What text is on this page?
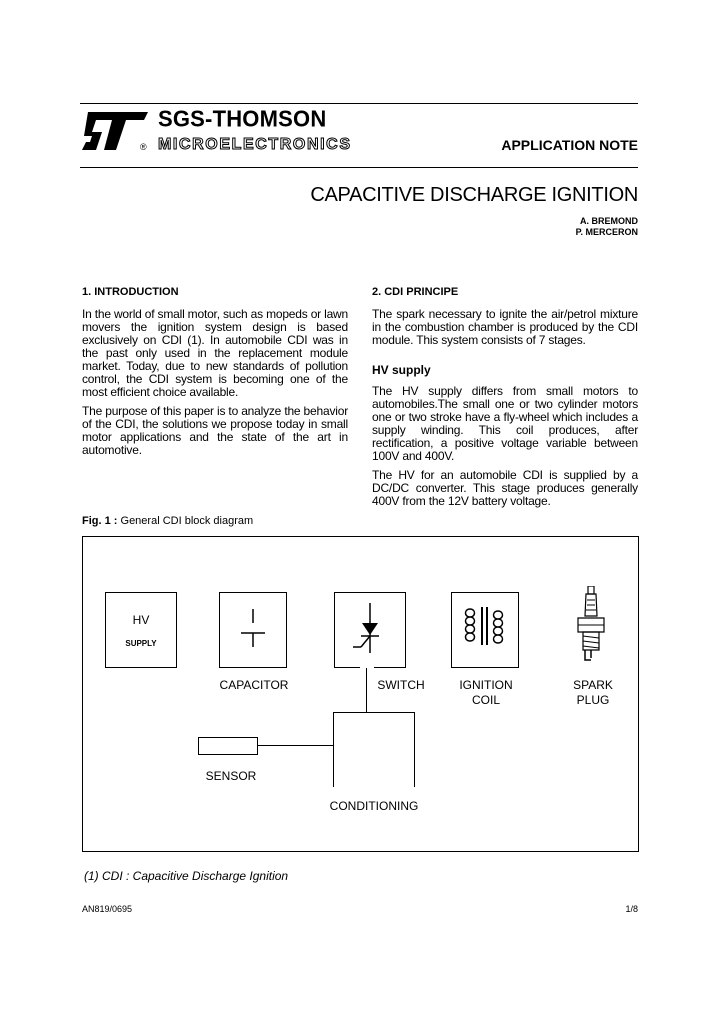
®
SGS-THOMSON
MICROELECTRONICS	APPLICATION NOTE
CAPACITIVE DISCHARGE IGNITION
A. BREMOND
P. MERCERON
1. INTRODUCTION

In the world of small motor, such as mopeds or lawn movers the ignition system design is based exclusively on CDI (1). In automobile CDI was in the past only used in the replacement module market. Today, due to new standards of pollution control, the CDI system is becoming one of the most efficient choice available.

The purpose of this paper is to analyze the behavior of the CDI, the solutions we propose today in small motor applications and the state of the art in automotive.

2. CDI PRINCIPE
The spark necessary to ignite the air/petrol mixture in the combustion chamber is produced by the CDI module. This system consists of 7 stages.
HV supply

The HV supply differs from small motors to automobiles.The small one or two cylinder motors one or two stroke have a fly-wheel which includes a supply winding. This coil produces, after rectification, a positive voltage variable between 100V and 400V.

The HV for an automobile CDI is supplied by a DC/DC converter. This stage produces generally 400V from the 12V battery voltage.

Fig. 1 : General CDI block diagram
HV
SUPPLY
CAPACITOR	SWITCH	IGNITION
COIL
SPARK
PLUG
SENSOR
CONDITIONING
(1) CDI : Capacitive Discharge Ignition
AN819/0695	1/8
